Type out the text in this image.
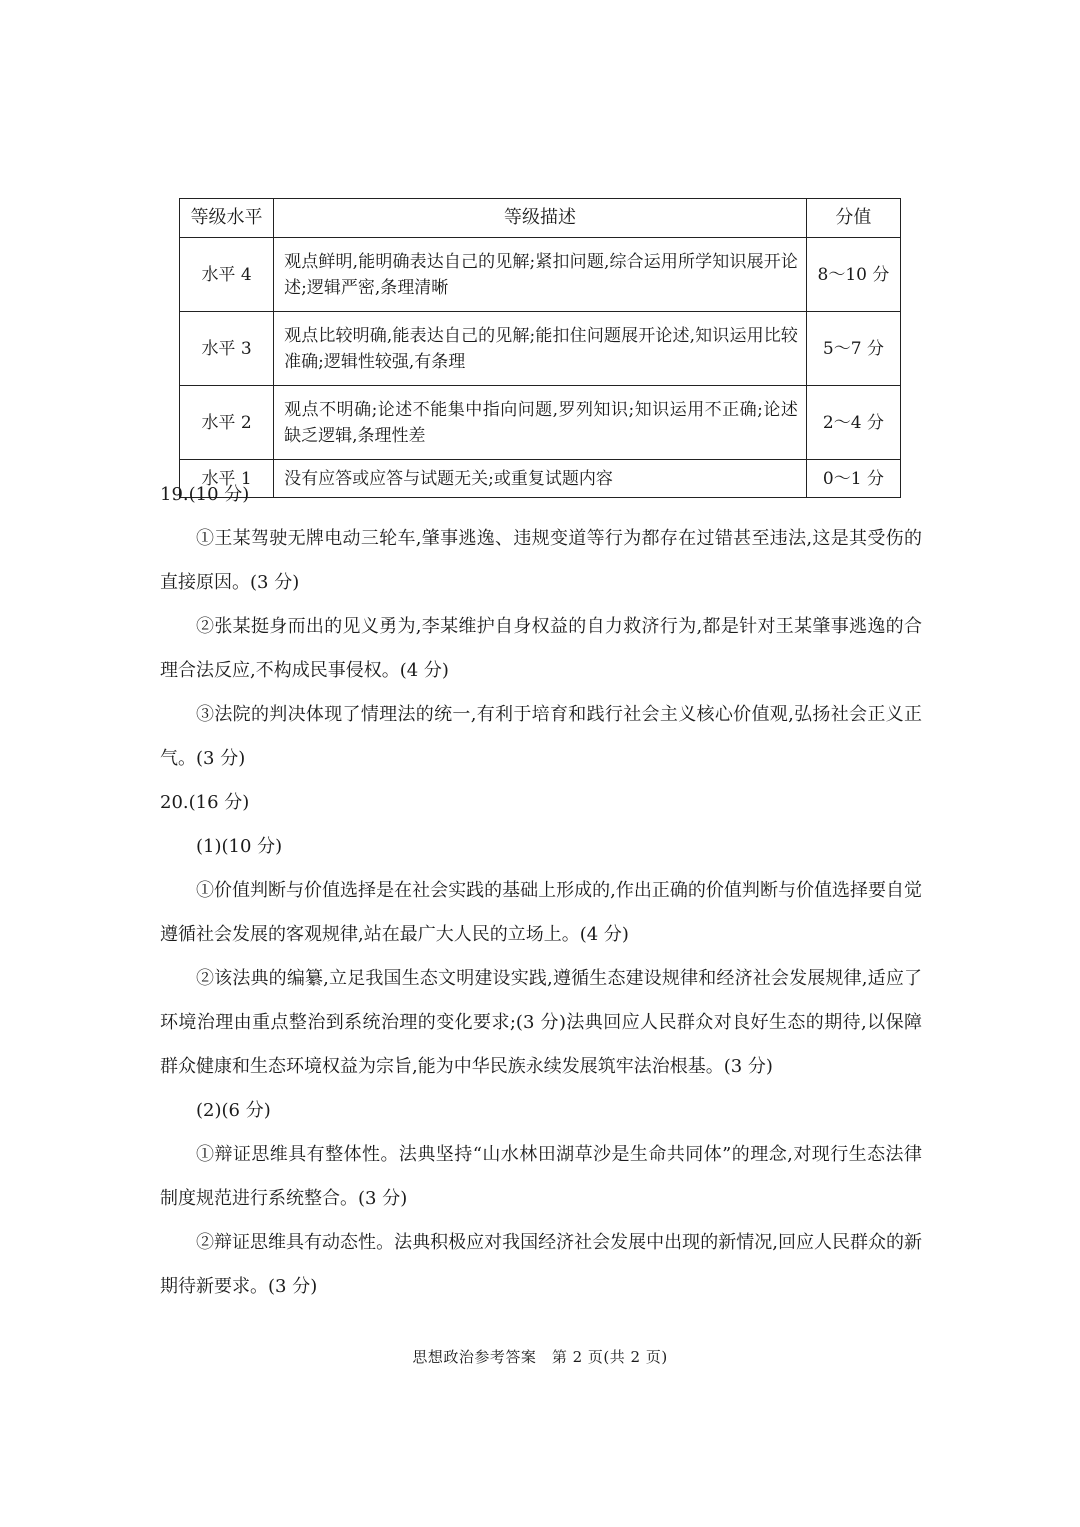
等级水平	等级描述	分值
水平 4	观点鲜明,能明确表达自己的见解;紧扣问题,综合运用所学知识展开论述;逻辑严密,条理清晰	8～10 分
水平 3	观点比较明确,能表达自己的见解;能扣住问题展开论述,知识运用比较准确;逻辑性较强,有条理	5～7 分
水平 2	观点不明确;论述不能集中指向问题,罗列知识;知识运用不正确;论述缺乏逻辑,条理性差	2～4 分
水平 1	没有应答或应答与试题无关;或重复试题内容	0～1 分

19.(10 分)

①王某驾驶无牌电动三轮车,肇事逃逸、违规变道等行为都存在过错甚至违法,这是其受伤的直接原因。(3 分)

②张某挺身而出的见义勇为,李某维护自身权益的自力救济行为,都是针对王某肇事逃逸的合理合法反应,不构成民事侵权。(4 分)

③法院的判决体现了情理法的统一,有利于培育和践行社会主义核心价值观,弘扬社会正义正气。(3 分)

20.(16 分)

(1)(10 分)

①价值判断与价值选择是在社会实践的基础上形成的,作出正确的价值判断与价值选择要自觉遵循社会发展的客观规律,站在最广大人民的立场上。(4 分)

②该法典的编纂,立足我国生态文明建设实践,遵循生态建设规律和经济社会发展规律,适应了环境治理由重点整治到系统治理的变化要求;(3 分)法典回应人民群众对良好生态的期待,以保障群众健康和生态环境权益为宗旨,能为中华民族永续发展筑牢法治根基。(3 分)

(2)(6 分)

①辩证思维具有整体性。法典坚持“山水林田湖草沙是生命共同体”的理念,对现行生态法律制度规范进行系统整合。(3 分)

②辩证思维具有动态性。法典积极应对我国经济社会发展中出现的新情况,回应人民群众的新期待新要求。(3 分)

思想政治参考答案　第 2 页(共 2 页)
